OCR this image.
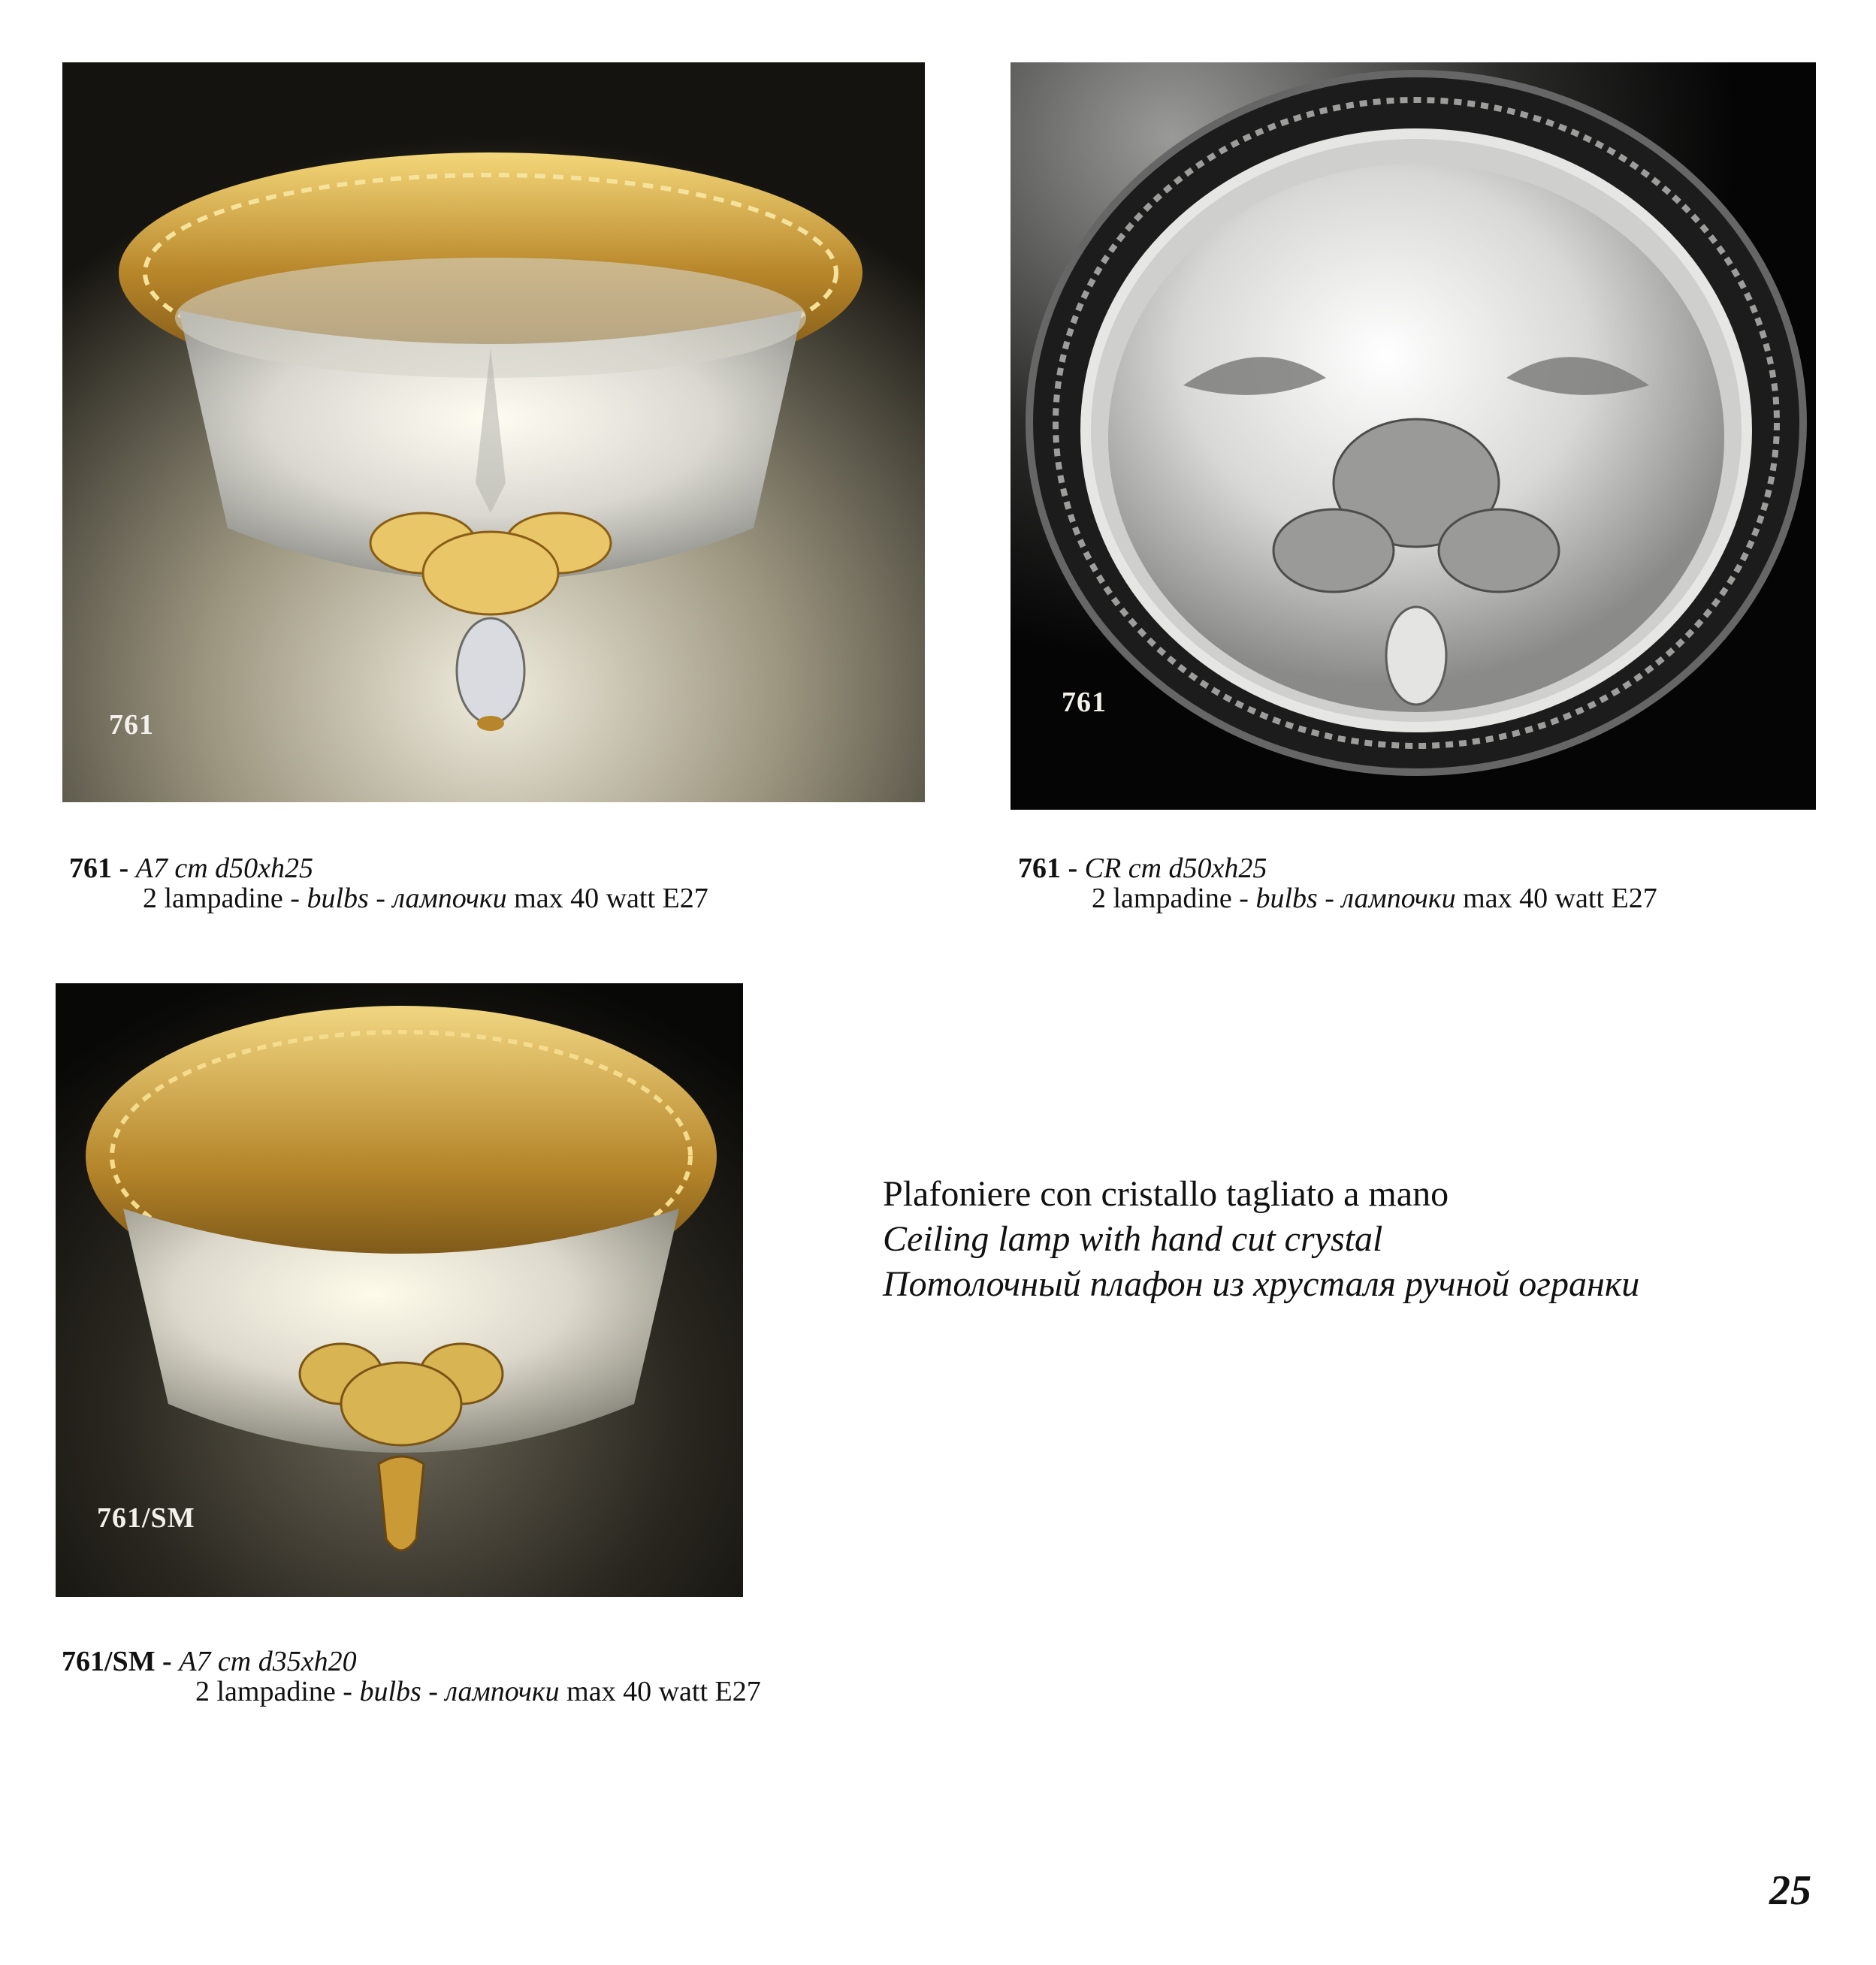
761
761
761/SM
761 - A7 cm d50xh25
2 lampadine - bulbs - лампочки max 40 watt E27
761 - CR cm d50xh25
2 lampadine - bulbs - лампочки max 40 watt E27
761/SM - A7 cm d35xh20
2 lampadine - bulbs - лампочки max 40 watt E27
Plafoniere con cristallo tagliato a mano
Ceiling lamp with hand cut crystal
Потолочный плафон из хрусталя ручной огранки
25
